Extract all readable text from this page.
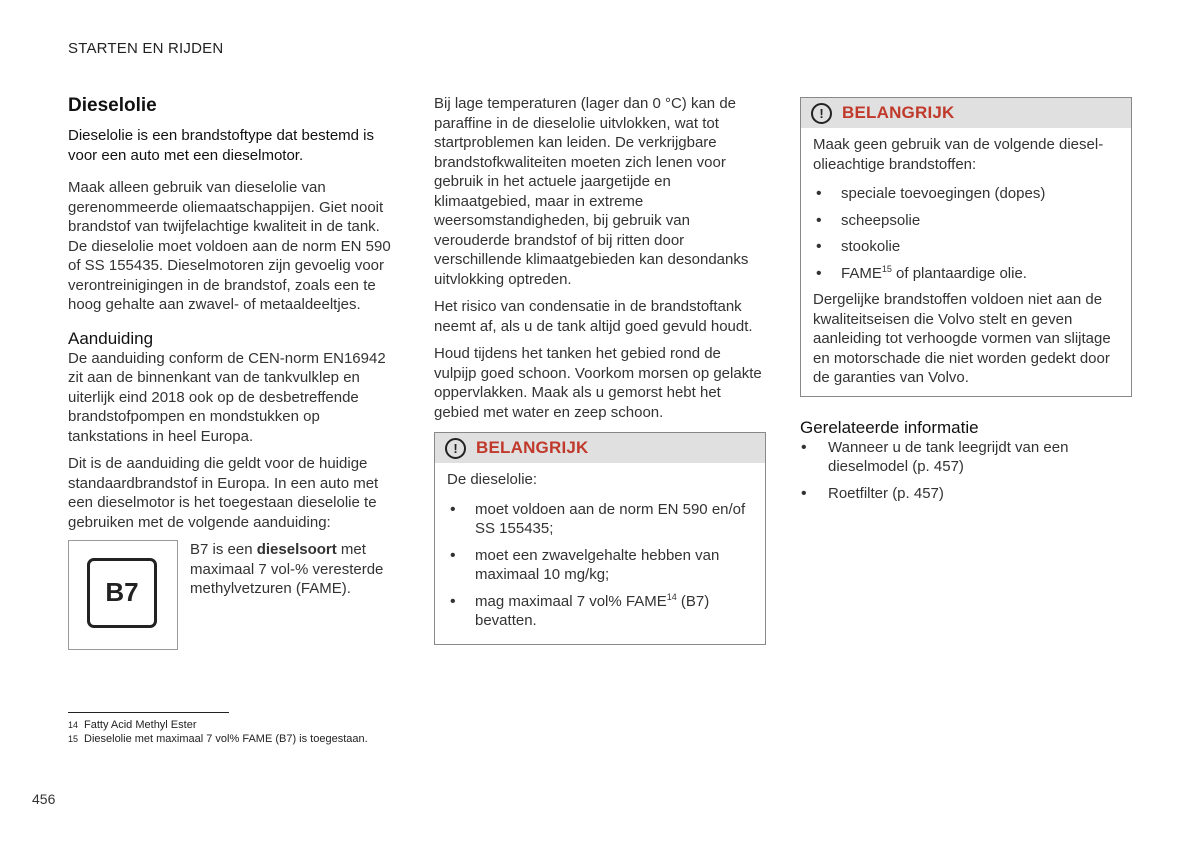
STARTEN EN RIJDEN
Dieselolie

Dieselolie is een brandstoftype dat bestemd is voor een auto met een dieselmotor.

Maak alleen gebruik van dieselolie van gerenommeerde oliemaatschappijen. Giet nooit brandstof van twijfelachtige kwaliteit in de tank. De dieselolie moet voldoen aan de norm EN 590 of SS 155435. Dieselmotoren zijn gevoelig voor verontreinigingen in de brandstof, zoals een te hoog gehalte aan zwavel- of metaaldeeltjes.

Aanduiding

De aanduiding conform de CEN-norm EN16942 zit aan de binnenkant van de tankvulklep en uiterlijk eind 2018 ook op de desbetreffende brandstofpompen en mondstukken op tankstations in heel Europa.

Dit is de aanduiding die geldt voor de huidige standaardbrandstof in Europa. In een auto met een dieselmotor is het toegestaan dieselolie te gebruiken met de volgende aanduiding:

B7
B7 is een dieselsoort met maximaal 7 vol-% veresterde methylvetzuren (FAME).

Bij lage temperaturen (lager dan 0 °C) kan de paraffine in de dieselolie uitvlokken, wat tot startproblemen kan leiden. De verkrijgbare brandstofkwaliteiten moeten zich lenen voor gebruik in het actuele jaargetijde en klimaatgebied, maar in extreme weersomstandigheden, bij gebruik van verouderde brandstof of bij ritten door verschillende klimaatgebieden kan desondanks uitvlokking optreden.

Het risico van condensatie in de brandstoftank neemt af, als u de tank altijd goed gevuld houdt.

Houd tijdens het tanken het gebied rond de vulpijp goed schoon. Voorkom morsen op gelakte oppervlakken. Maak als u gemorst hebt het gebied met water en zeep schoon.

!	BELANGRIJK

De dieselolie:

• moet voldoen aan de norm EN 590 en/of SS 155435;
• moet een zwavelgehalte hebben van maximaal 10 mg/kg;
• mag maximaal 7 vol% FAME$^{14}$ (B7) bevatten.
!	BELANGRIJK

Maak geen gebruik van de volgende diesel-olieachtige brandstoffen:

• speciale toevoegingen (dopes)
• scheepsolie
• stookolie
• FAME$^{15}$ of plantaardige olie.

Dergelijke brandstoffen voldoen niet aan de kwaliteitseisen die Volvo stelt en geven aanleiding tot verhoogde vormen van slijtage en motorschade die niet worden gedekt door de garanties van Volvo.

Gerelateerde informatie
• Wanneer u de tank leegrijdt van een dieselmodel (p. 457)
• Roetfilter (p. 457)
14 Fatty Acid Methyl Ester
15 Dieselolie met maximaal 7 vol% FAME (B7) is toegestaan.
456
